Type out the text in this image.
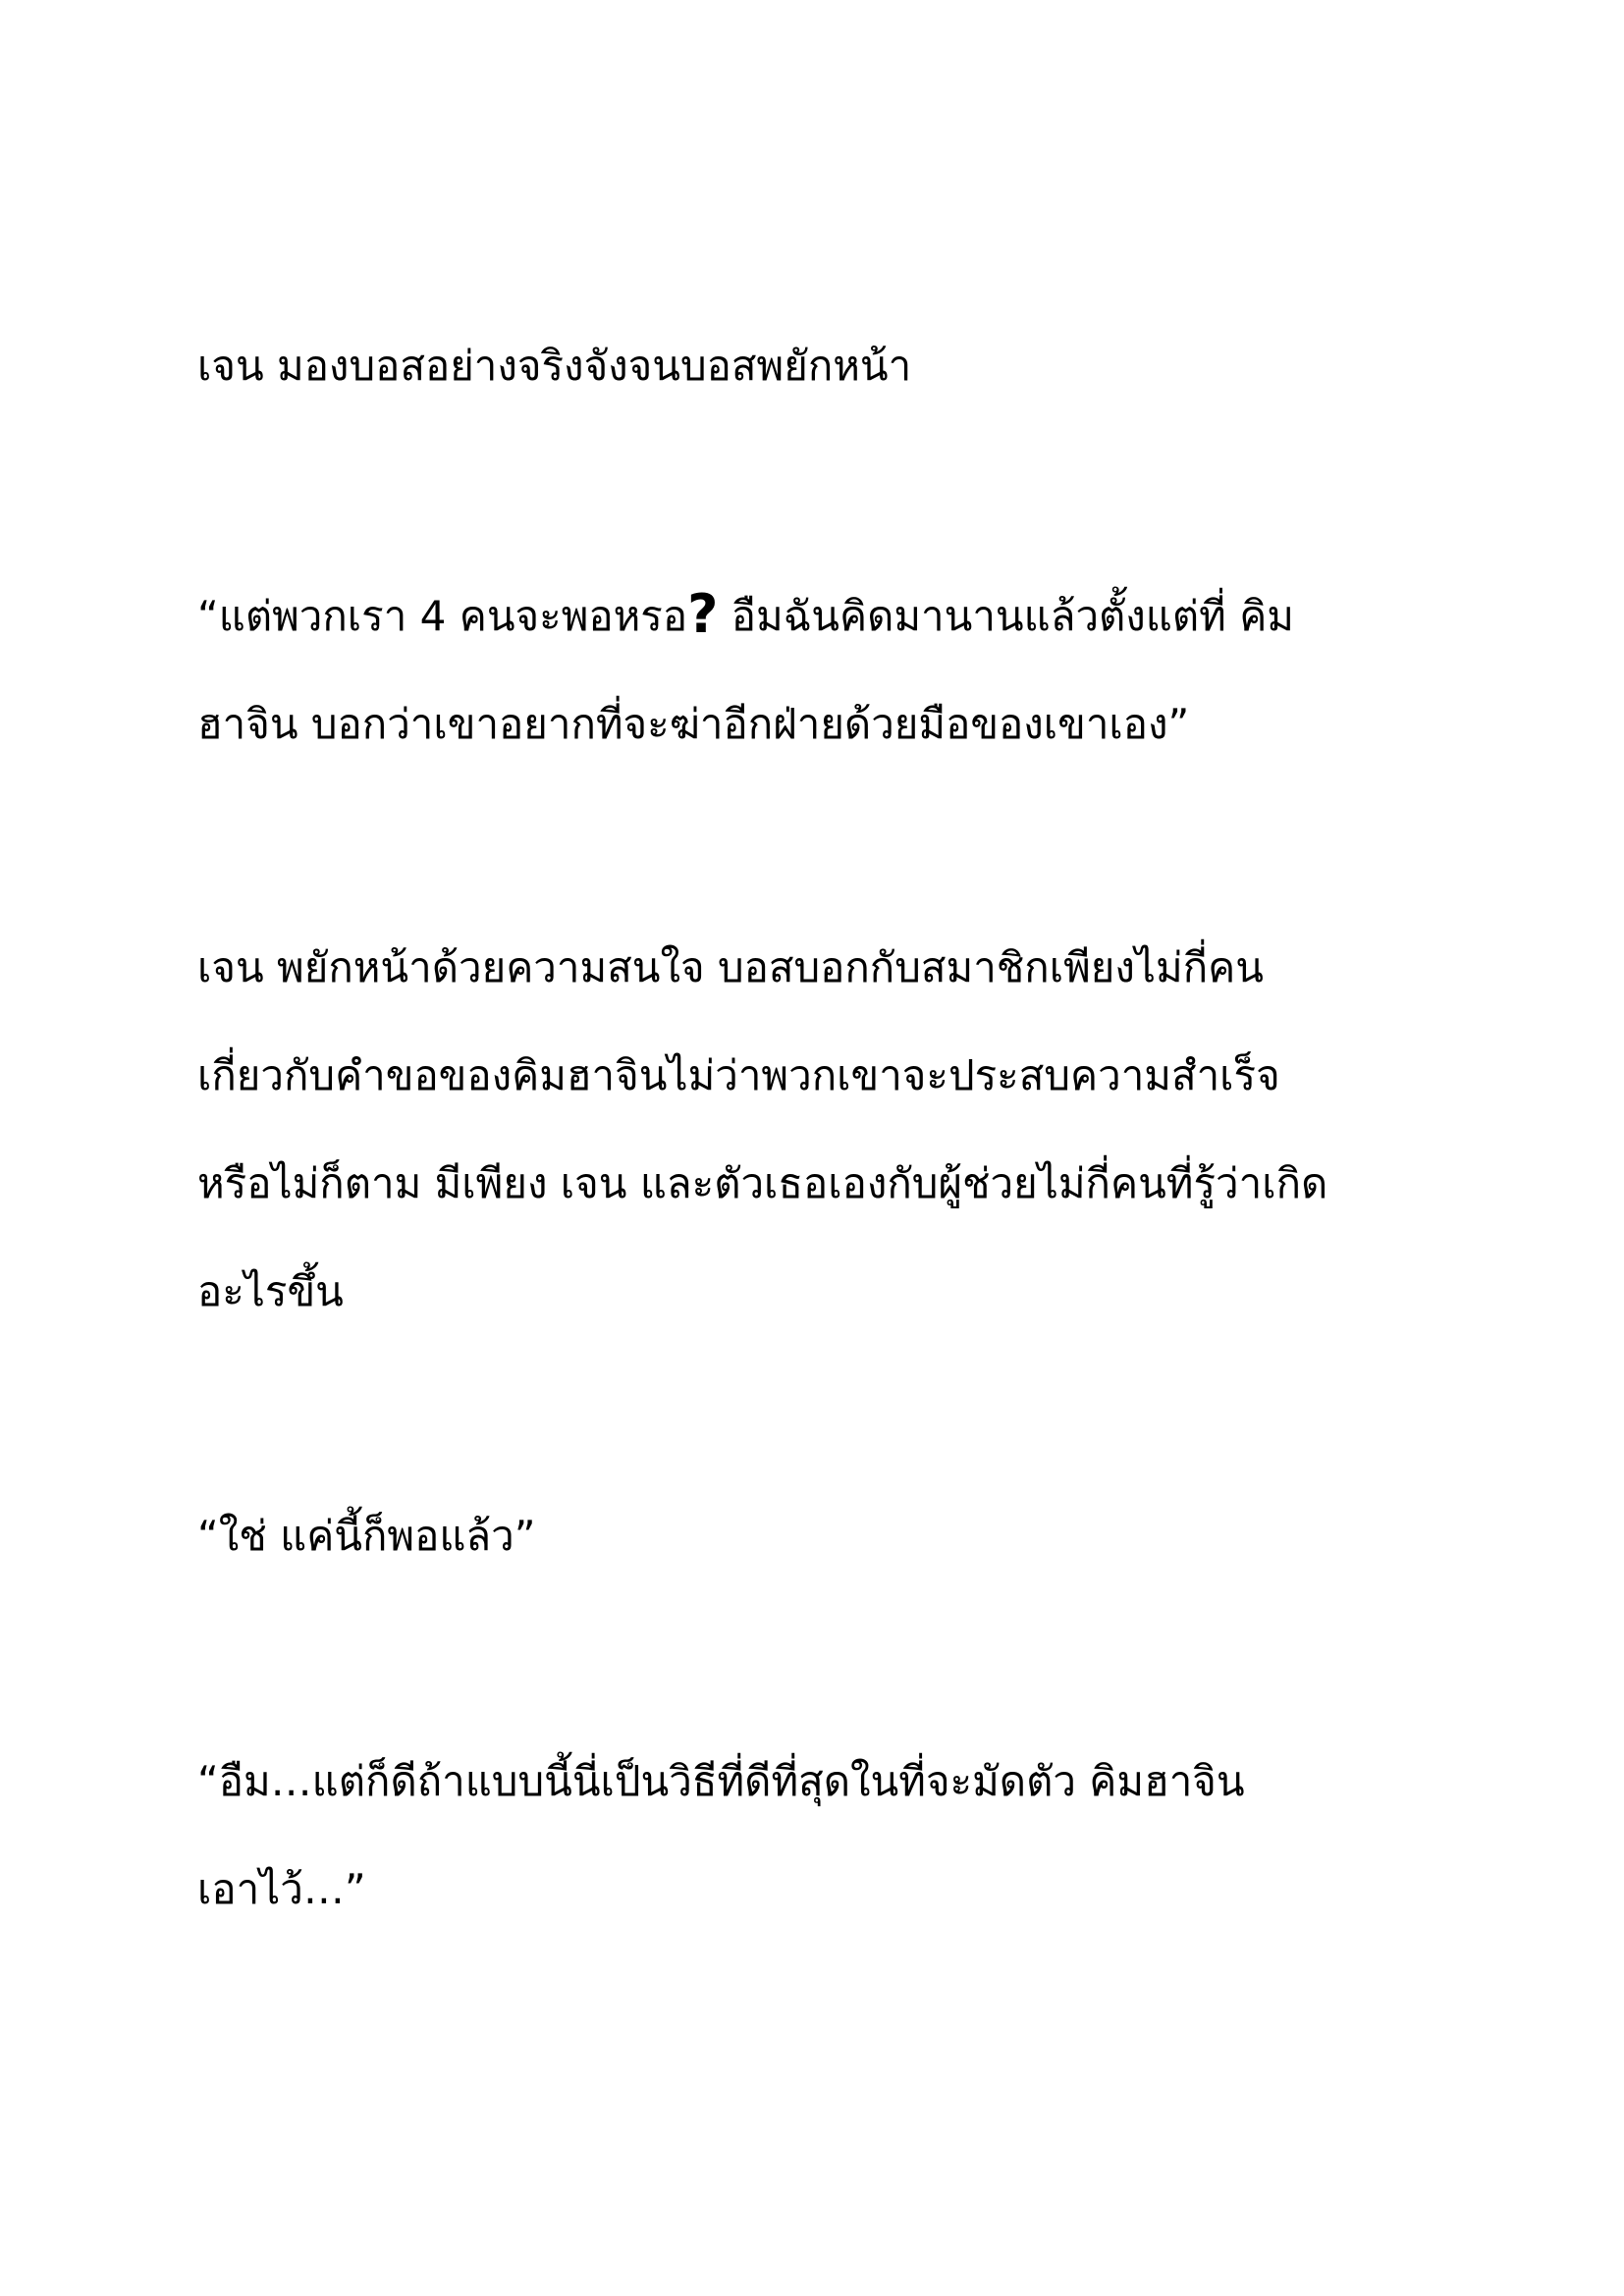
เจน มองบอสอย่างจริงจังจนบอสพยักหน้า

“แต่พวกเรา 4 คนจะพอหรอ? อืมฉันคิดมานานแล้วตั้งแต่ที่ คิม

ฮาจิน บอกว่าเขาอยากที่จะฆ่าอีกฝ่ายด้วยมือของเขาเอง”

เจน พยักหน้าด้วยความสนใจ บอสบอกกับสมาชิกเพียงไม่กี่คน

เกี่ยวกับคำขอของคิมฮาจินไม่ว่าพวกเขาจะประสบความสำเร็จ

หรือไม่ก็ตาม มีเพียง เจน และตัวเธอเองกับผู้ช่วยไม่กี่คนที่รู้ว่าเกิด

อะไรขึ้น

“ใช่ แค่นี้ก็พอแล้ว”

“อืม…แต่ก็ดีถ้าแบบนี้นี่เป็นวิธีที่ดีที่สุดในที่จะมัดตัว คิมฮาจิน

เอาไว้…”
